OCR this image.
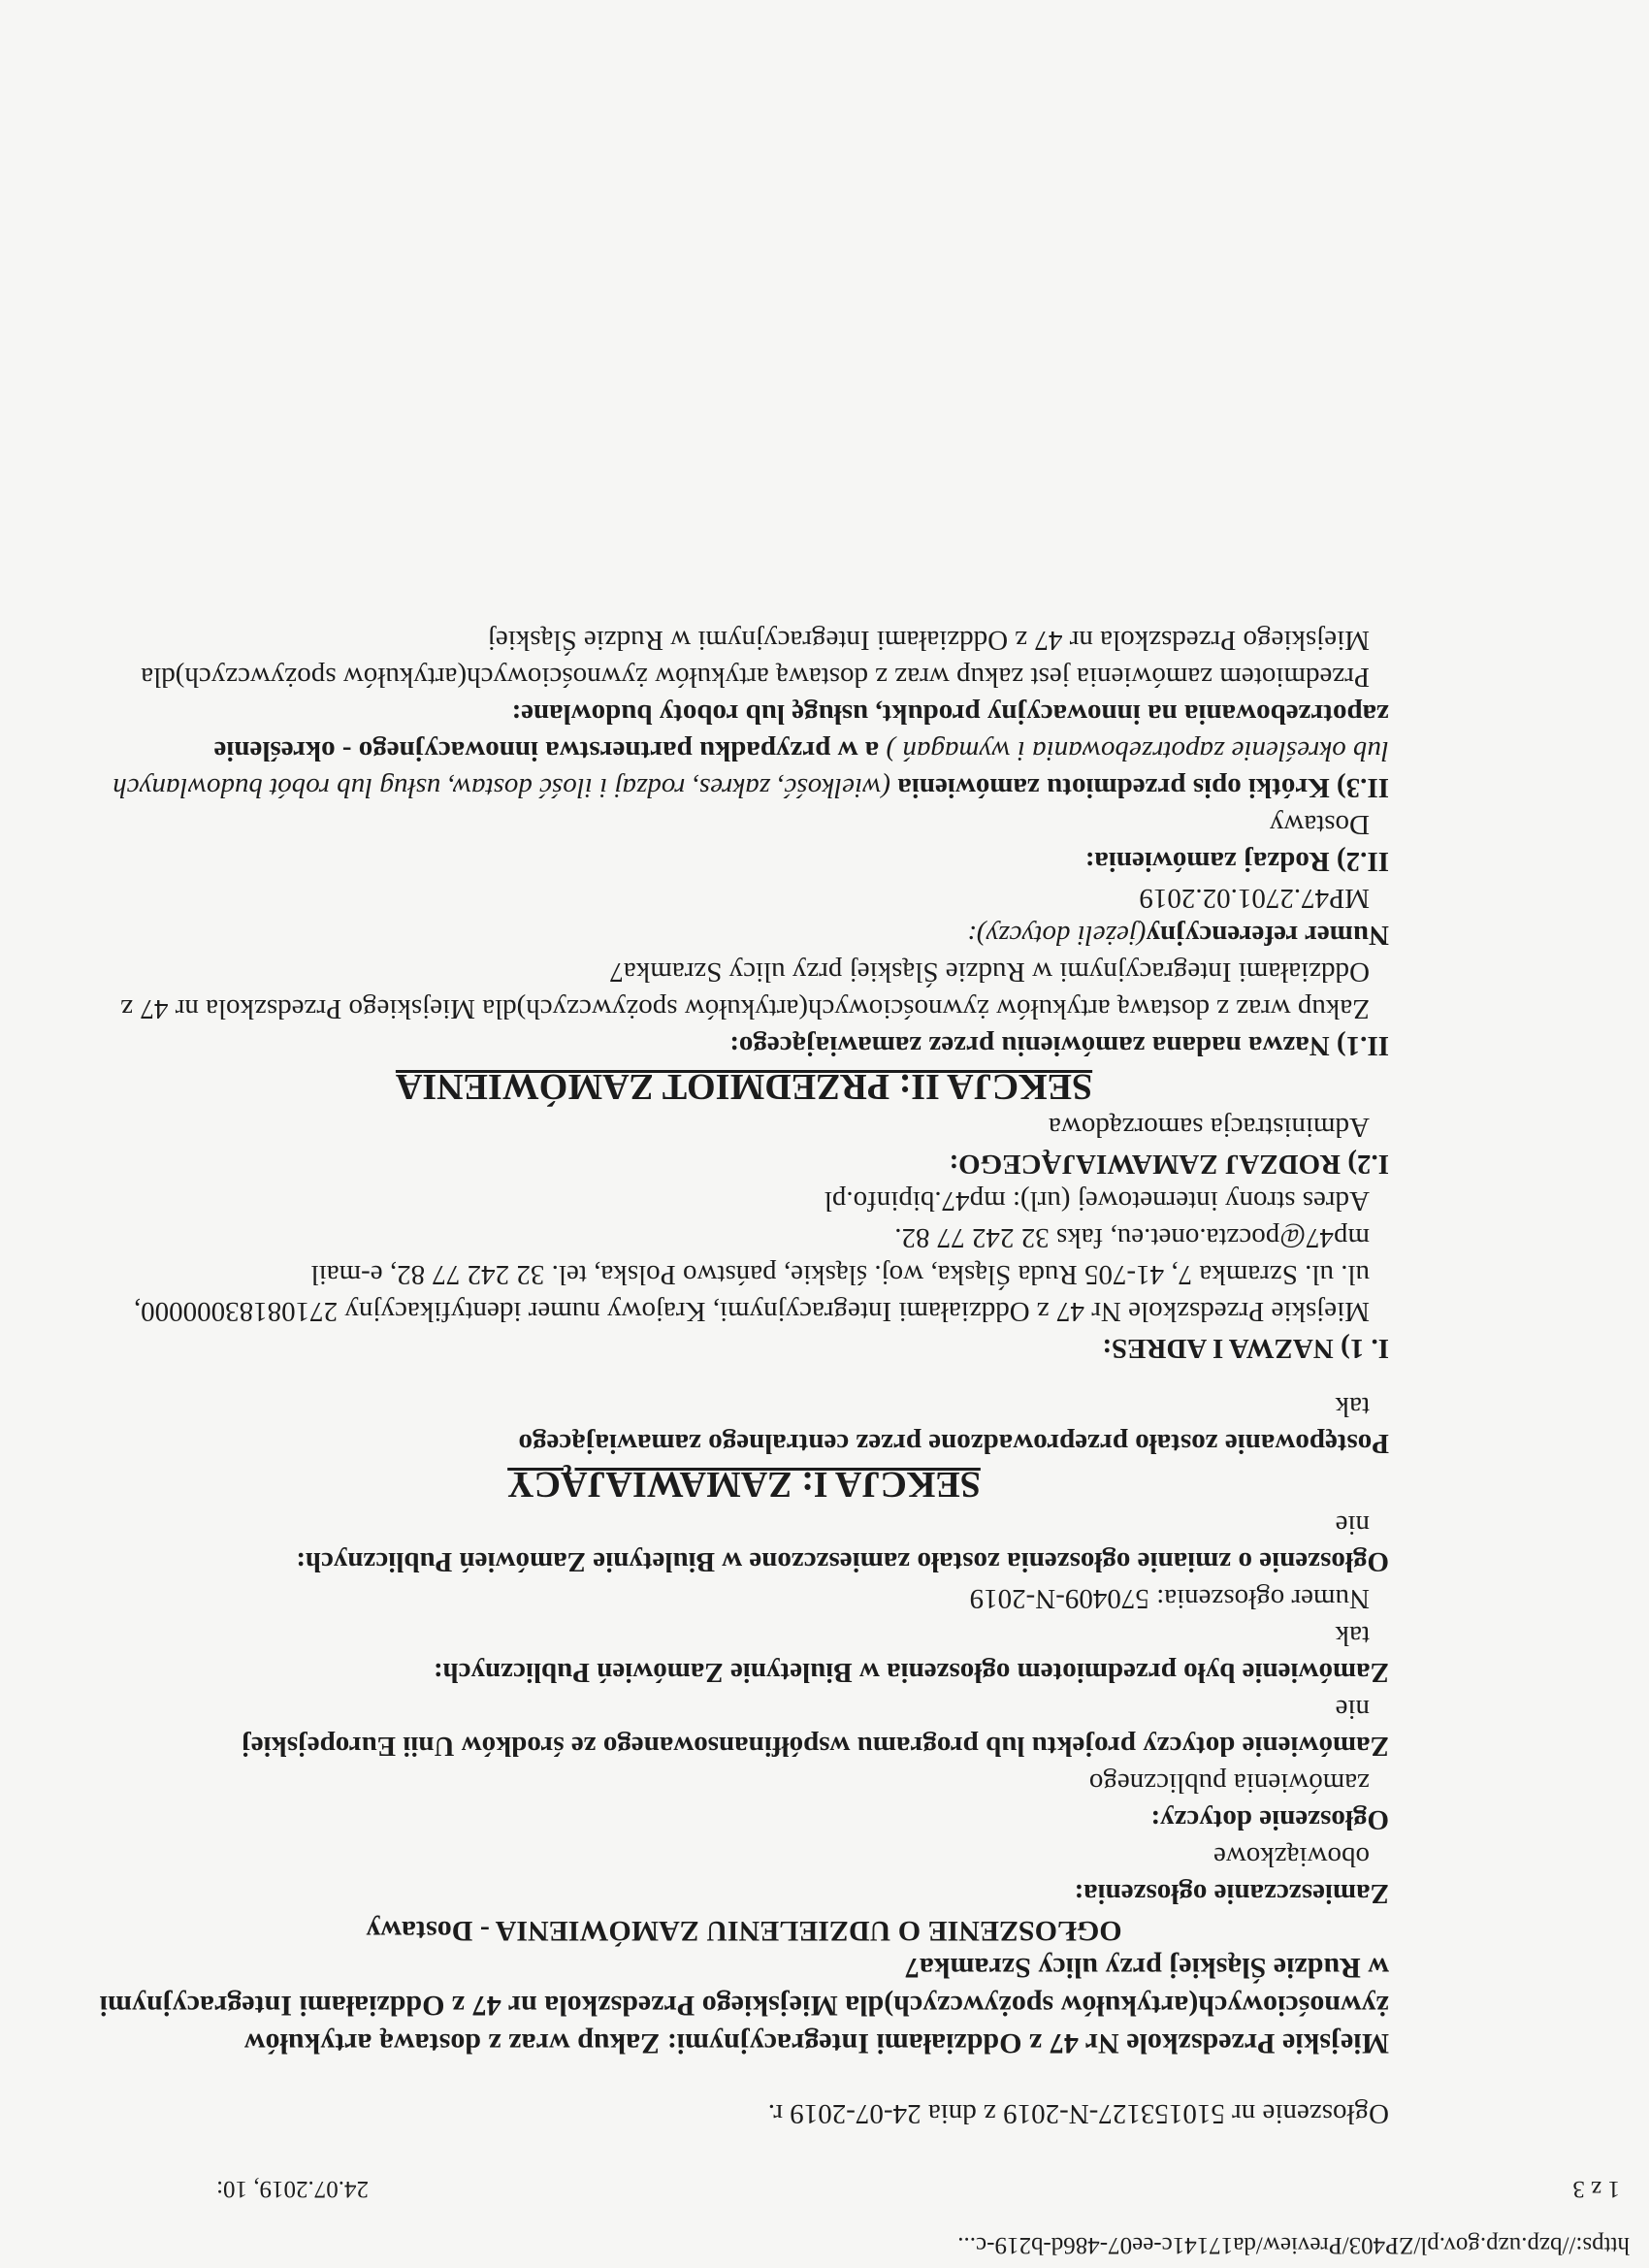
https://bzp.uzp.gov.pl/ZP403/Preview/da17141c-ee07-486d-b219-c...
24.07.2019, 10:	1 z 3

Ogłoszenie nr 510153127-N-2019 z dnia 24-07-2019 r.

Miejskie Przedszkole Nr 47 z Oddziałami Integracyjnymi: Zakup wraz z dostawą artykułów żywnościowych(artykułów spożywczych)dla Miejskiego Przedszkola nr 47 z Oddziałami Integracyjnymi w Rudzie Śląskiej przy ulicy Szramka7

OGŁOSZENIE O UDZIELENIU ZAMÓWIENIA - Dostawy

Zamieszczanie ogłoszenia:

obowiązkowe

Ogłoszenie dotyczy:

zamówienia publicznego

Zamówienie dotyczy projektu lub programu współfinansowanego ze środków Unii Europejskiej

nie

Zamówienie było przedmiotem ogłoszenia w Biuletynie Zamówień Publicznych:

tak

Numer ogłoszenia: 570409-N-2019

Ogłoszenie o zmianie ogłoszenia zostało zamieszczone w Biuletynie Zamówień Publicznych:

nie

SEKCJA I: ZAMAWIAJĄCY

Postępowanie zostało przeprowadzone przez centralnego zamawiającego

tak

I. 1) NAZWA I ADRES:

Miejskie Przedszkole Nr 47 z Oddziałami Integracyjnymi, Krajowy numer identyfikacyjny 27108183000000, ul. ul. Szramka 7, 41-705 Ruda Śląska, woj. śląskie, państwo Polska, tel. 32 242 77 82, e-mail mp47@poczta.onet.eu, faks 32 242 77 82.

Adres strony internetowej (url): mp47.bipinfo.pl

I.2) RODZAJ ZAMAWIAJĄCEGO:

Administracja samorządowa

SEKCJA II: PRZEDMIOT ZAMÓWIENIA

II.1) Nazwa nadana zamówieniu przez zamawiającego:

Zakup wraz z dostawą artykułów żywnościowych(artykułów spożywczych)dla Miejskiego Przedszkola nr 47 z Oddziałami Integracyjnymi w Rudzie Śląskiej przy ulicy Szramka7

Numer referencyjny(jeżeli dotyczy):

MP47.2701.02.2019

II.2) Rodzaj zamówienia:

Dostawy

II.3) Krótki opis przedmiotu zamówienia (wielkość, zakres, rodzaj i ilość dostaw, usług lub robót budowlanych lub określenie zapotrzebowania i wymagań ) a w przypadku partnerstwa innowacyjnego - określenie zapotrzebowania na innowacyjny produkt, usługę lub roboty budowlane:

Przedmiotem zamówienia jest zakup wraz z dostawą artykułów żywnościowych(artykułów spożywczych)dla Miejskiego Przedszkola nr 47 z Oddziałami Integracyjnymi w Rudzie Śląskiej
